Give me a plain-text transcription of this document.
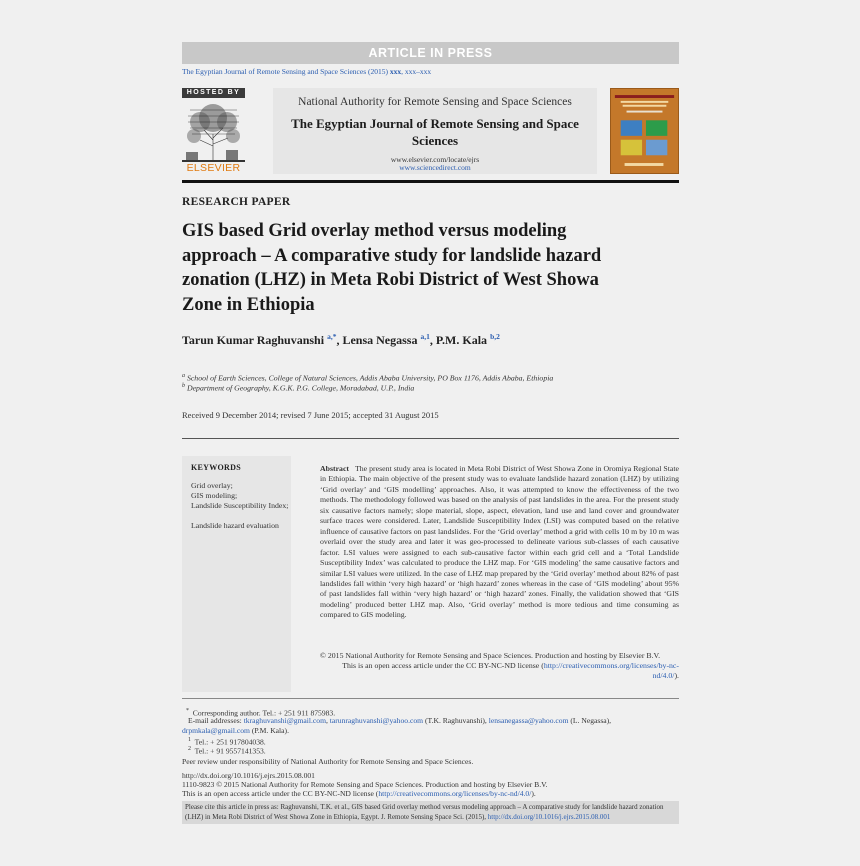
ARTICLE IN PRESS
The Egyptian Journal of Remote Sensing and Space Sciences (2015) xxx, xxx–xxx
HOSTED BY
ELSEVIER
National Authority for Remote Sensing and Space Sciences
The Egyptian Journal of Remote Sensing and Space Sciences
www.elsevier.com/locate/ejrs
www.sciencedirect.com
RESEARCH PAPER
GIS based Grid overlay method versus modeling approach – A comparative study for landslide hazard zonation (LHZ) in Meta Robi District of West Showa Zone in Ethiopia
Tarun Kumar Raghuvanshi $^{a,*}$, Lensa Negassa $^{a,1}$, P.M. Kala $^{b,2}$
$^a$ School of Earth Sciences, College of Natural Sciences, Addis Ababa University, PO Box 1176, Addis Ababa, Ethiopia
$^b$ Department of Geography, K.G.K. P.G. College, Moradabad, U.P., India
Received 9 December 2014; revised 7 June 2015; accepted 31 August 2015
KEYWORDS
Grid overlay;
GIS modeling;
Landslide Susceptibility Index;
Landslide hazard evaluation
Abstract The present study area is located in Meta Robi District of West Showa Zone in Oromiya Regional State in Ethiopia. The main objective of the present study was to evaluate landslide hazard zonation (LHZ) by utilizing ‘Grid overlay’ and ‘GIS modelling’ approaches. Also, it was attempted to know the effectiveness of the two methods. The methodology followed was based on the analysis of past landslides in the area. For the present study six causative factors namely; slope material, slope, aspect, elevation, land use and land cover and groundwater surface traces were considered. Later, Landslide Susceptibility Index (LSI) was computed based on the relative influence of causative factors on past landslides. For the ‘Grid overlay’ method a grid with cells 10 m by 10 m was overlaid over the study area and later it was geo-processed to delineate various sub-classes of each causative factor. LSI values were assigned to each sub-causative factor within each grid cell and a ‘Total Landslide Susceptibility Index’ was calculated to produce the LHZ map. For ‘GIS modeling’ the same causative factors and similar LSI values were utilized. In the case of LHZ map prepared by the ‘Grid overlay’ method about 82% of past landslides fall within ‘very high hazard’ or ‘high hazard’ zones whereas in the case of ‘GIS modeling’ about 95% of past landslides fall within ‘very high hazard’ or ‘high hazard’ zones. Finally, the validation showed that ‘GIS modeling’ produced better LHZ map. Also, ‘Grid overlay’ method is more tedious and time consuming as compared to GIS modeling.
© 2015 National Authority for Remote Sensing and Space Sciences. Production and hosting by Elsevier B.V.
This is an open access article under the CC BY-NC-ND license (http://creativecommons.org/licenses/by-nc-nd/4.0/).
* Corresponding author. Tel.: + 251 911 875983.
E-mail addresses: tkraghuvanshi@gmail.com, tarunraghuvanshi@yahoo.com (T.K. Raghuvanshi), lensanegassa@yahoo.com (L. Negassa),
drpmkala@gmail.com (P.M. Kala).
$^1$ Tel.: + 251 917804038.
$^2$ Tel.: + 91 9557141353.
Peer review under responsibility of National Authority for Remote Sensing and Space Sciences.
http://dx.doi.org/10.1016/j.ejrs.2015.08.001
1110-9823 © 2015 National Authority for Remote Sensing and Space Sciences. Production and hosting by Elsevier B.V.
This is an open access article under the CC BY-NC-ND license (http://creativecommons.org/licenses/by-nc-nd/4.0/).
Please cite this article in press as: Raghuvanshi, T.K. et al., GIS based Grid overlay method versus modeling approach – A comparative study for landslide hazard zonation (LHZ) in Meta Robi District of West Showa Zone in Ethiopia, Egypt. J. Remote Sensing Space Sci. (2015), http://dx.doi.org/10.1016/j.ejrs.2015.08.001
